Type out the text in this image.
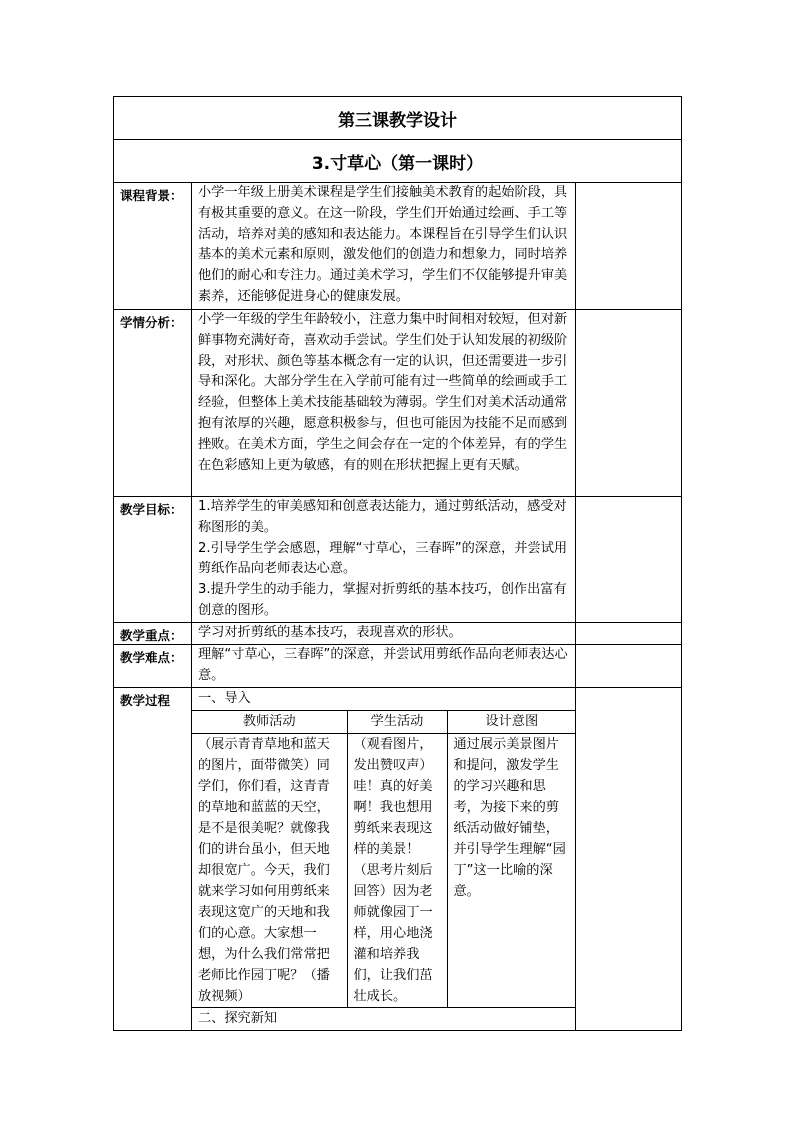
第三课教学设计
3.寸草心（第一课时）
课程背景：	小学一年级上册美术课程是学生们接触美术教育的起始阶段，具有极其重要的意义。在这一阶段，学生们开始通过绘画、手工等活动，培养对美的感知和表达能力。本课程旨在引导学生们认识基本的美术元素和原则，激发他们的创造力和想象力，同时培养他们的耐心和专注力。通过美术学习，学生们不仅能够提升审美素养，还能够促进身心的健康发展。	
学情分析：	小学一年级的学生年龄较小，注意力集中时间相对较短，但对新鲜事物充满好奇，喜欢动手尝试。学生们处于认知发展的初级阶段，对形状、颜色等基本概念有一定的认识，但还需要进一步引导和深化。大部分学生在入学前可能有过一些简单的绘画或手工经验，但整体上美术技能基础较为薄弱。学生们对美术活动通常抱有浓厚的兴趣，愿意积极参与，但也可能因为技能不足而感到挫败。在美术方面，学生之间会存在一定的个体差异，有的学生在色彩感知上更为敏感，有的则在形状把握上更有天赋。	
教学目标：	1.培养学生的审美感知和创意表达能力，通过剪纸活动，感受对称图形的美。

2.引导学生学会感恩，理解“寸草心，三春晖”的深意，并尝试用剪纸作品向老师表达心意。

3.提升学生的动手能力，掌握对折剪纸的基本技巧，创作出富有创意的图形。

教学重点：	学习对折剪纸的基本技巧，表现喜欢的形状。	
教学难点：	理解“寸草心，三春晖”的深意，并尝试用剪纸作品向老师表达心意。	
教学过程	一、导入
教师活动	学生活动	设计意图
（展示青青草地和蓝天的图片，面带微笑）同学们，你们看，这青青的草地和蓝蓝的天空，是不是很美呢？就像我们的讲台虽小，但天地却很宽广。今天，我们就来学习如何用剪纸来表现这宽广的天地和我们的心意。大家想一想，为什么我们常常把老师比作园丁呢？（播放视频）	（观看图片，发出赞叹声）哇！真的好美啊！我也想用剪纸来表现这样的美景！（思考片刻后回答）因为老师就像园丁一样，用心地浇灌和培养我们，让我们茁壮成长。	通过展示美景图片和提问，激发学生的学习兴趣和思考，为接下来的剪纸活动做好铺垫，并引导学生理解“园丁”这一比喻的深意。
二、探究新知
